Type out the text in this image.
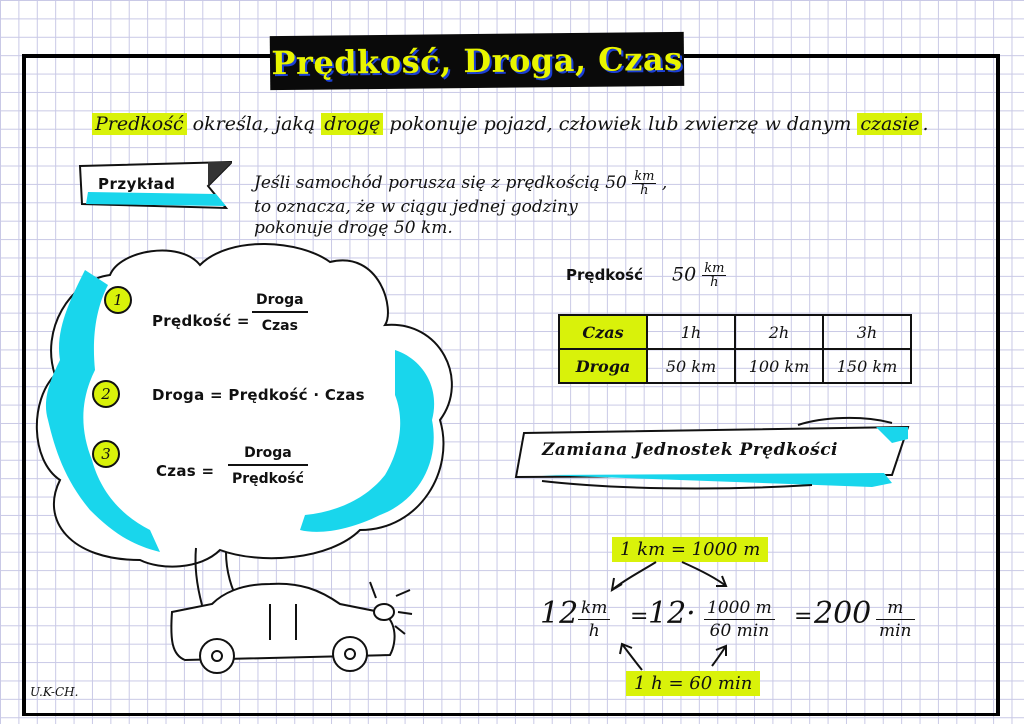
Prędkość, Droga, Czas
Predkość określa, jaką drogę pokonuje pojazd, człowiek lub zwierzę w danym czasie .
Przykład	Jeśli samochód porusza się z prędkością $50 \frac{km}{h}$ ,
to oznacza, że w ciągu jednej godziny
pokonuje drogę 50 km.
1
Prędkość =
Droga
Czas
2	Droga = Prędkość · Czas
3
Czas =
Droga
Prędkość
Prędkość $50 \frac{km}{h}$
Czas	1h	2h	3h
Droga	50 km	100 km	150 km
Zamiana Jednostek Prędkości
1 km = 1000 m
1 h = 60 min
$12 \frac{km}{h} = 12\cdot 1000$ m
60 min
= 200 m
min
U.K-CH.
